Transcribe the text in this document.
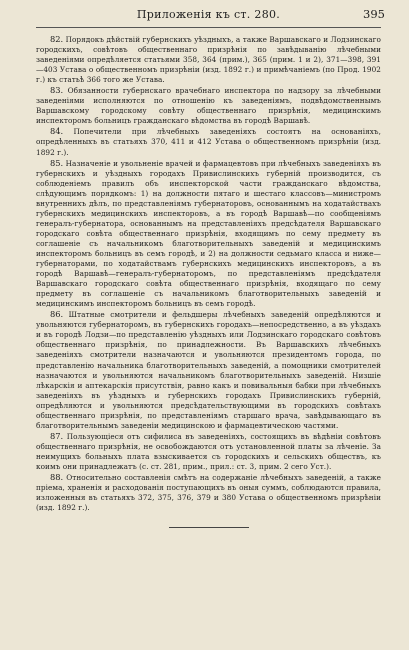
Приложенія къ ст. 280.	395

82. Порядокъ дѣйствій губернскихъ уѣздныхъ, а также Варшавскаго и Лодзинскаго городскихъ, совѣтовъ общественнаго призрѣнія по завѣдыванію лѣчебными заведеніями опредѣляется статьями 358, 364 (прим.), 365 (прим. 1 и 2), 371—398, 391—403 Устава о общественномъ призрѣніи (изд. 1892 г.) и примѣчаніемъ (по Прод. 1902 г.) къ статьѣ 366 того же Устава.

83. Обязанности губернскаго врачебнаго инспектора по надзору за лѣчебными заведеніями исполняются по отношенію къ заведеніямъ, подвѣдомственнымъ Варшавскому городскому совѣту общественнаго призрѣнія, медицинскимъ инспекторомъ больницъ гражданскаго вѣдомства въ городѣ Варшавѣ.

84. Попечители при лѣчебныхъ заведеніяхъ состоятъ на основаніяхъ, опредѣленныхъ въ статьяхъ 370, 411 и 412 Устава о общественномъ призрѣніи (изд. 1892 г.).

85. Назначеніе и увольненіе врачей и фармацевтовъ при лѣчебныхъ заведеніяхъ въ губернскихъ и уѣздныхъ городахъ Привислинскихъ губерній производится, съ соблюденіемъ правилъ объ инспекторской части гражданскаго вѣдомства, слѣдующимъ порядкомъ: 1) на должности пятаго и шестаго классовъ—министромъ внутреннихъ дѣлъ, по представленіямъ губернаторовъ, основаннымъ на ходатайствахъ губернскихъ медицинскихъ инспекторовъ, а въ городѣ Варшавѣ—по сообщеніямъ генералъ-губернатора, основаннымъ на представленіяхъ предсѣдателя Варшавскаго городскаго совѣта общественнаго призрѣнія, входящимъ по сему предмету въ соглашеніе съ начальникомъ благотворительныхъ заведеній и медицинскимъ инспекторомъ больницъ въ семъ городѣ, и 2) на должности седьмаго класса и ниже—губернаторами, по ходатайствамъ губернскихъ медицинскихъ инспекторовъ, а въ городѣ Варшавѣ—генералъ-губернаторомъ, по представленіямъ предсѣдателя Варшавскаго городскаго совѣта общественнаго призрѣнія, входящаго по сему предмету въ соглашеніе съ начальникомъ благотворительныхъ заведеній и медицинскимъ инспекторомъ больницъ въ семъ городѣ.

86. Штатные смотрители и фельдшеры лѣчебныхъ заведеній опредѣляются и увольняются губернаторомъ, въ губернскихъ городахъ—непосредственно, а въ уѣздахъ и въ городѣ Лодзи—по представленію уѣздныхъ или Лодзинскаго городскаго совѣтовъ общественнаго призрѣнія, по принадлежности. Въ Варшавскихъ лѣчебныхъ заведеніяхъ смотрители назначаются и увольняются президентомъ города, по представленію начальника благотворительныхъ заведеній, а помощники смотрителей назначаются и увольняются начальникомъ благотворительныхъ заведеній. Низшіе лѣкарскія и аптекарскія присутствія, равно какъ и повивальныя бабки при лѣчебныхъ заведеніяхъ въ уѣздныхъ и губернскихъ городахъ Привислинскихъ губерній, опредѣляются и увольняются предсѣдательствующими въ городскихъ совѣтахъ общественнаго призрѣнія, по представленіямъ старшаго врача, завѣдывающаго въ благотворительнымъ заведеніи медицинскою и фармацевтическою частями.

87. Пользующіеся отъ сифилиса въ заведеніяхъ, состоящихъ въ вѣдѣніи совѣтовъ общественнаго призрѣнія, не освобождаются отъ установленной платы за лѣченіе. За неимущихъ больныхъ плата взыскивается съ городскихъ и сельскихъ обществъ, къ коимъ они принадлежатъ (с. ст. 281, прим., прил.: ст. 3, прим. 2 сего Уст.).

88. Относительно составленія смѣтъ на содержаніе лѣчебныхъ заведеній, а также пріема, храненія и расходованія поступающихъ въ оныя суммъ, соблюдаются правила, изложенныя въ статьяхъ 372, 375, 376, 379 и 380 Устава о общественномъ призрѣніи (изд. 1892 г.).
